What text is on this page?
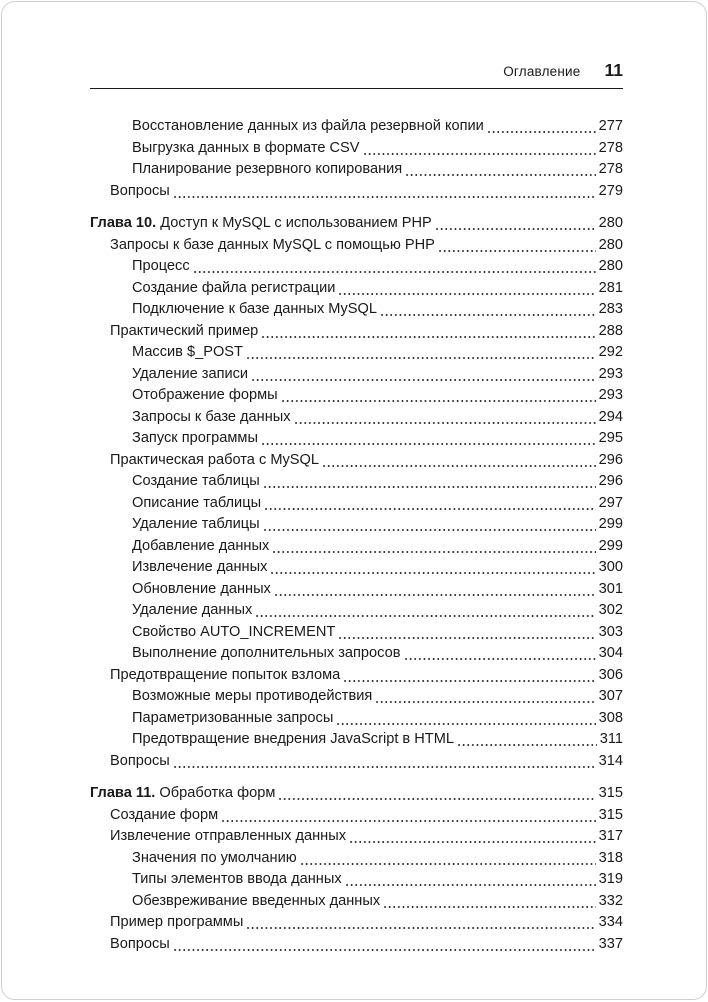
Оглавление 11
Восстановление данных из файла резервной копии	277
Выгрузка данных в формате CSV	278
Планирование резервного копирования	278
Вопросы	279
Глава 10. Доступ к MySQL с использованием PHP	280
Запросы к базе данных MySQL с помощью PHP	280
Процесс	280
Создание файла регистрации	281
Подключение к базе данных MySQL	283
Практический пример	288
Массив $_POST	292
Удаление записи	293
Отображение формы	293
Запросы к базе данных	294
Запуск программы	295
Практическая работа с MySQL	296
Создание таблицы	296
Описание таблицы	297
Удаление таблицы	299
Добавление данных	299
Извлечение данных	300
Обновление данных	301
Удаление данных	302
Свойство AUTO_INCREMENT	303
Выполнение дополнительных запросов	304
Предотвращение попыток взлома	306
Возможные меры противодействия	307
Параметризованные запросы	308
Предотвращение внедрения JavaScript в HTML	311
Вопросы	314
Глава 11. Обработка форм	315
Создание форм	315
Извлечение отправленных данных	317
Значения по умолчанию	318
Типы элементов ввода данных	319
Обезвреживание введенных данных	332
Пример программы	334
Вопросы	337
